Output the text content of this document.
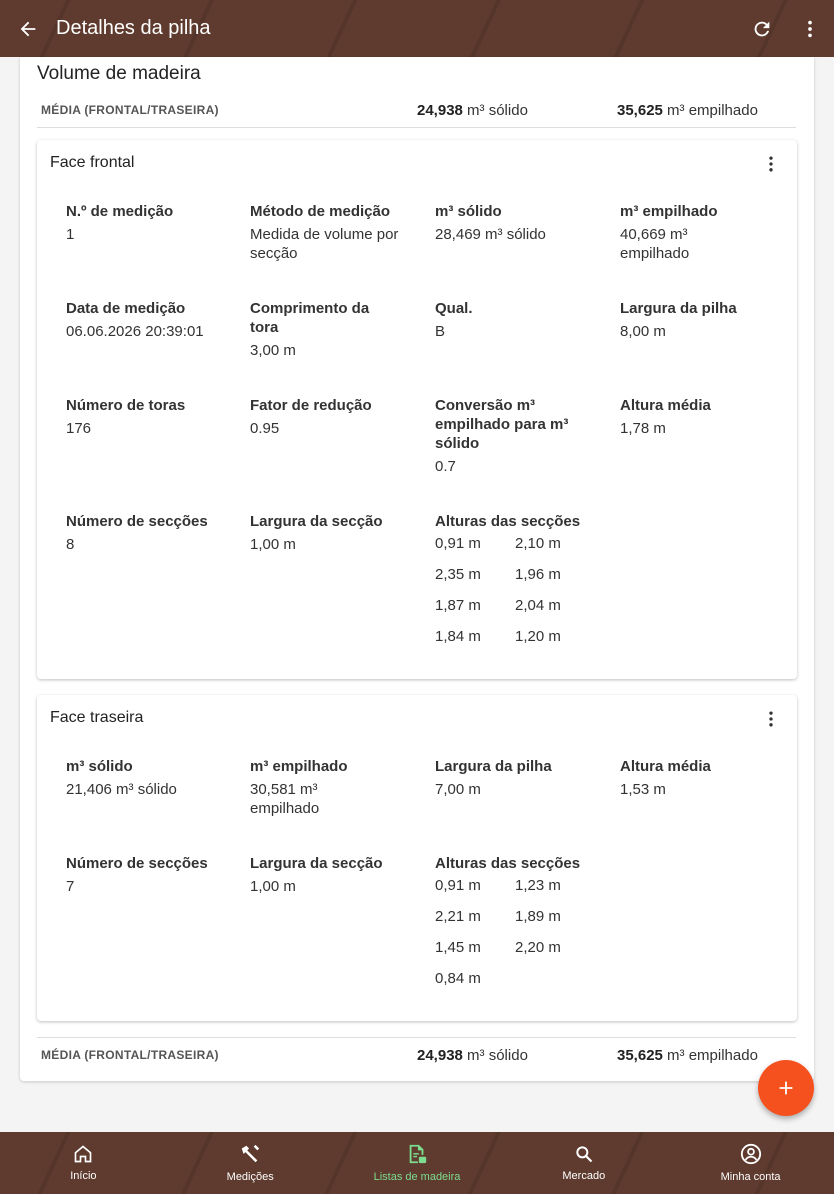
Detalhes da pilha
Volume de madeira
MÉDIA (FRONTAL/TRASEIRA)	24,938 m³ sólido	35,625 m³ empilhado
Face frontal
N.º de medição
1
Método de medição
Medida de volume por secção
m³ sólido
28,469 m³ sólido
m³ empilhado
40,669 m³ empilhado
Data de medição
06.06.2026 20:39:01
Comprimento da tora
3,00 m
Qual.
B
Largura da pilha
8,00 m
Número de toras
176
Fator de redução
0.95
Conversão m³ empilhado para m³ sólido
0.7
Altura média
1,78 m
Número de secções
8
Largura da secção
1,00 m
Alturas das secções
0,91 m 2,10 m
2,35 m 1,96 m
1,87 m 2,04 m
1,84 m 1,20 m
Face traseira
m³ sólido
21,406 m³ sólido
m³ empilhado
30,581 m³ empilhado
Largura da pilha
7,00 m
Altura média
1,53 m
Número de secções
7
Largura da secção
1,00 m
Alturas das secções
0,91 m 1,23 m
2,21 m 1,89 m
1,45 m 2,20 m
0,84 m
MÉDIA (FRONTAL/TRASEIRA)	24,938 m³ sólido	35,625 m³ empilhado
Início	Medições	Listas de madeira	Mercado	Minha conta
